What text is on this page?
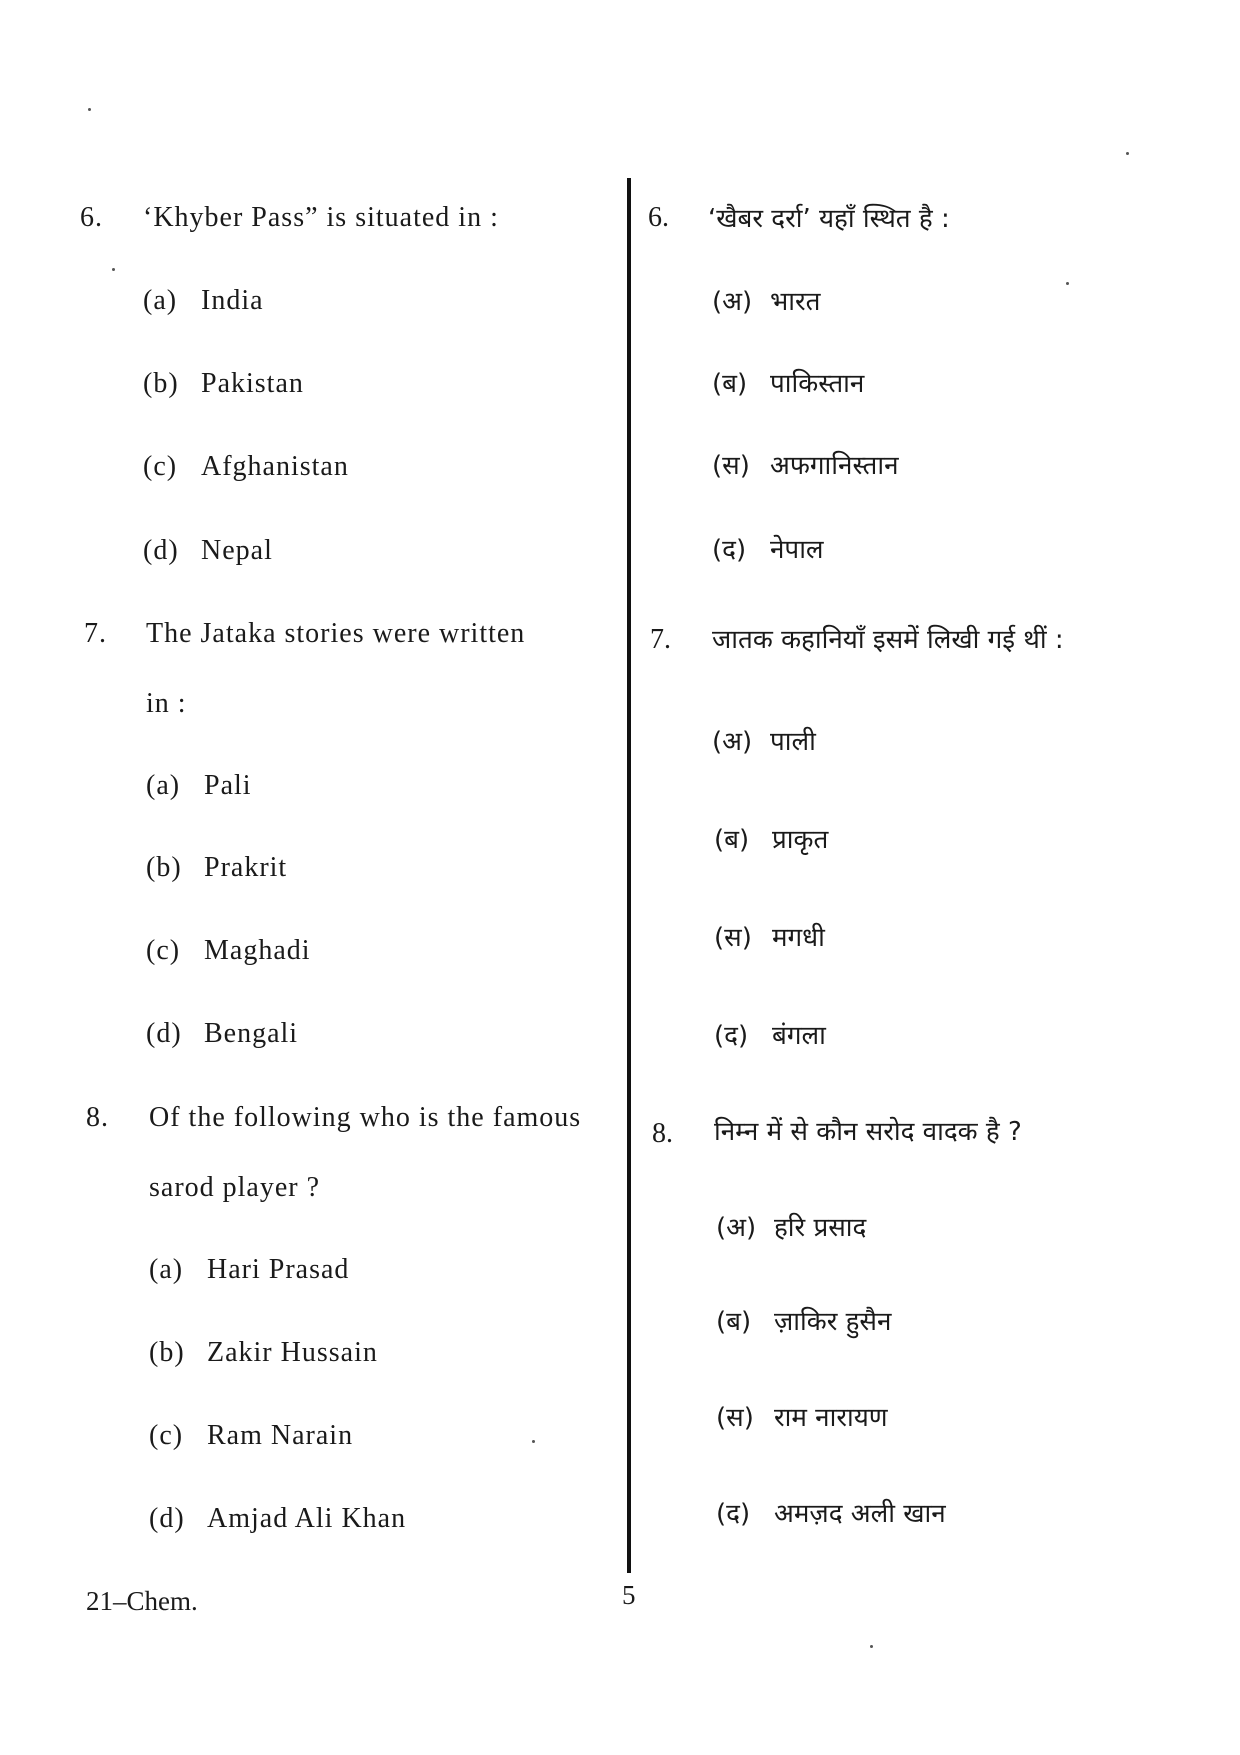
6. ‘Khyber Pass” is situated in :
(a) India
(b) Pakistan
(c) Afghanistan
(d) Nepal
7. The Jataka stories were written
in :
(a) Pali
(b) Prakrit
(c) Maghadi
(d) Bengali
8. Of the following who is the famous
sarod player ?
(a) Hari Prasad
(b) Zakir Hussain
(c) Ram Narain
(d) Amjad Ali Khan
6. ‘खैबर दर्रा’ यहाँ स्थित है :
(अ) भारत
(ब) पाकिस्तान
(स) अफगानिस्तान
(द) नेपाल
7. जातक कहानियाँ इसमें लिखी गई थीं :
(अ) पाली
(ब) प्राकृत
(स) मगधी
(द) बंगला
8. निम्न में से कौन सरोद वादक है ?
(अ) हरि प्रसाद
(ब) ज़ाकिर हुसैन
(स) राम नारायण
(द) अमज़द अली खान
21–Chem.	5
